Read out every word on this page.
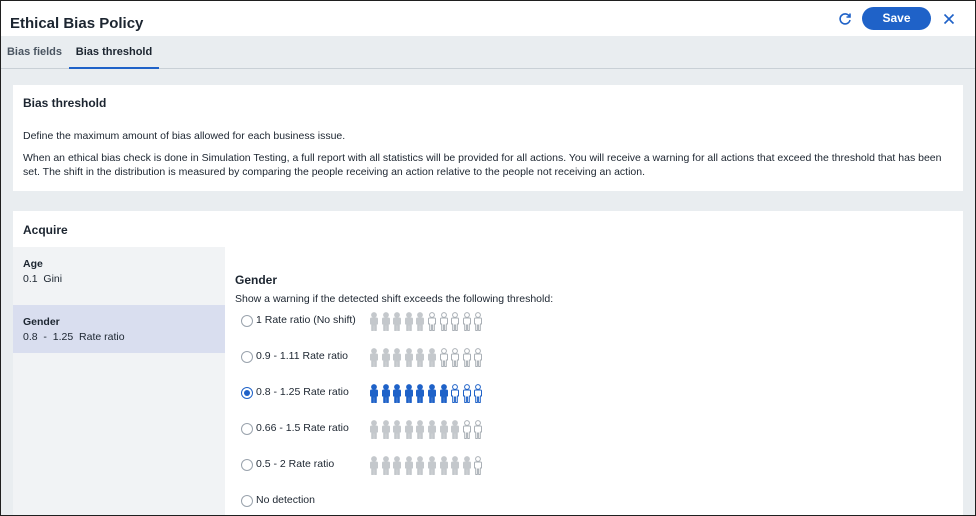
Ethical Bias Policy	Save
Bias fields	Bias threshold
Bias threshold
Define the maximum amount of bias allowed for each business issue.
When an ethical bias check is done in Simulation Testing, a full report with all statistics will be provided for all actions. You will receive a warning for all actions that exceed the threshold that has been set. The shift in the distribution is measured by comparing the people receiving an action relative to the people not receiving an action.
Acquire
Age
0.1  Gini
Gender
0.8  -  1.25  Rate ratio
Gender
Show a warning if the detected shift exceeds the following threshold:
1 Rate ratio (No shift)
0.9 - 1.11 Rate ratio
0.8 - 1.25 Rate ratio
0.66 - 1.5 Rate ratio
0.5 - 2 Rate ratio
No detection
